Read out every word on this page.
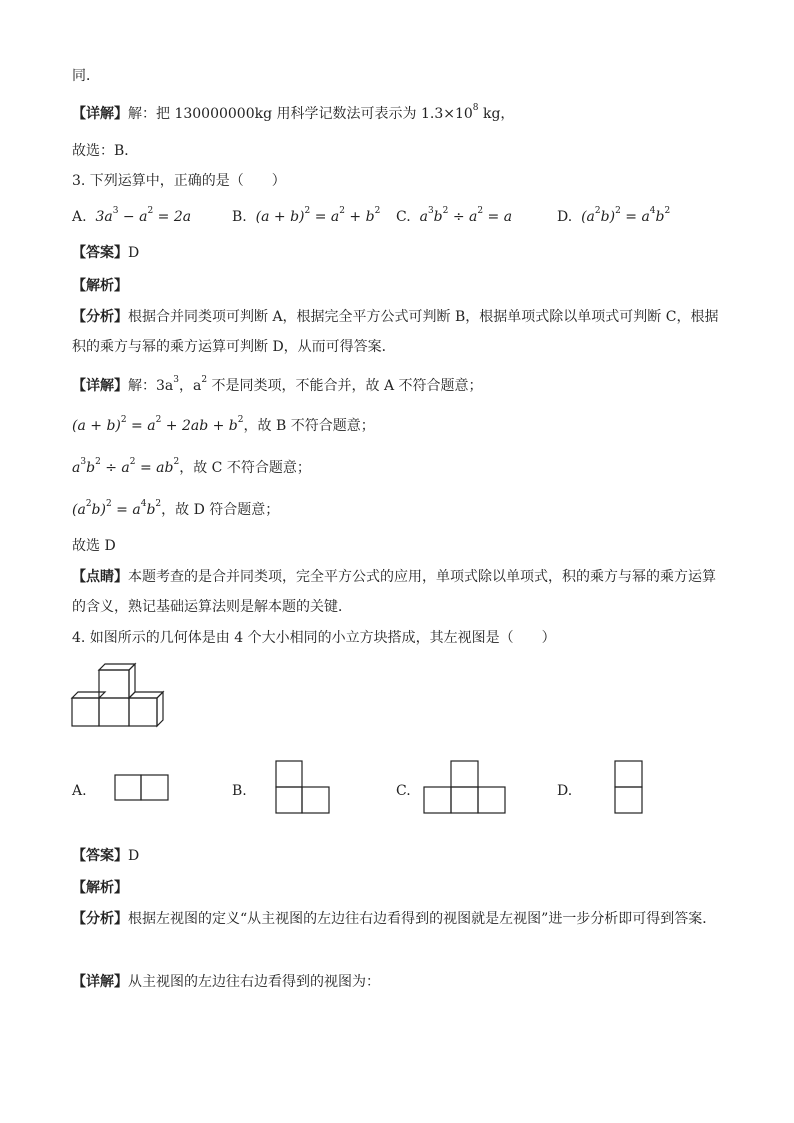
同．
【详解】解：把 130000000kg 用科学记数法可表示为 $1.3\times 10^8$ kg，
故选：B．
3. 下列运算中，正确的是（　　）
A. $3a^3 - a^2 = 2a$	B. $(a + b)^2 = a^2 + b^2$ C. $a^3b^2 \div a^2 = a$	D. $(a^2b)^2 = a^4b^2$
【答案】D
【解析】
【分析】根据合并同类项可判断 A，根据完全平方公式可判断 B，根据单项式除以单项式可判断 C，根据积的乘方与幂的乘方运算可判断 D，从而可得答案．
【详解】解：$3a^3$，$a^2$ 不是同类项，不能合并，故 A 不符合题意；
$(a + b)^2 = a^2 + 2ab + b^2$，故 B 不符合题意；
$a^3b^2 \div a^2 = ab^2$，故 C 不符合题意；
$(a^2b)^2 = a^4b^2$，故 D 符合题意；
故选 D
【点睛】本题考查的是合并同类项，完全平方公式的应用，单项式除以单项式，积的乘方与幂的乘方运算的含义，熟记基础运算法则是解本题的关键．
4. 如图所示的几何体是由 4 个大小相同的小立方块搭成，其左视图是（　　）
A.	B.	C.	D.
【答案】D
【解析】
【分析】根据左视图的定义“从主视图的左边往右边看得到的视图就是左视图”进一步分析即可得到答案．
【详解】从主视图的左边往右边看得到的视图为：
